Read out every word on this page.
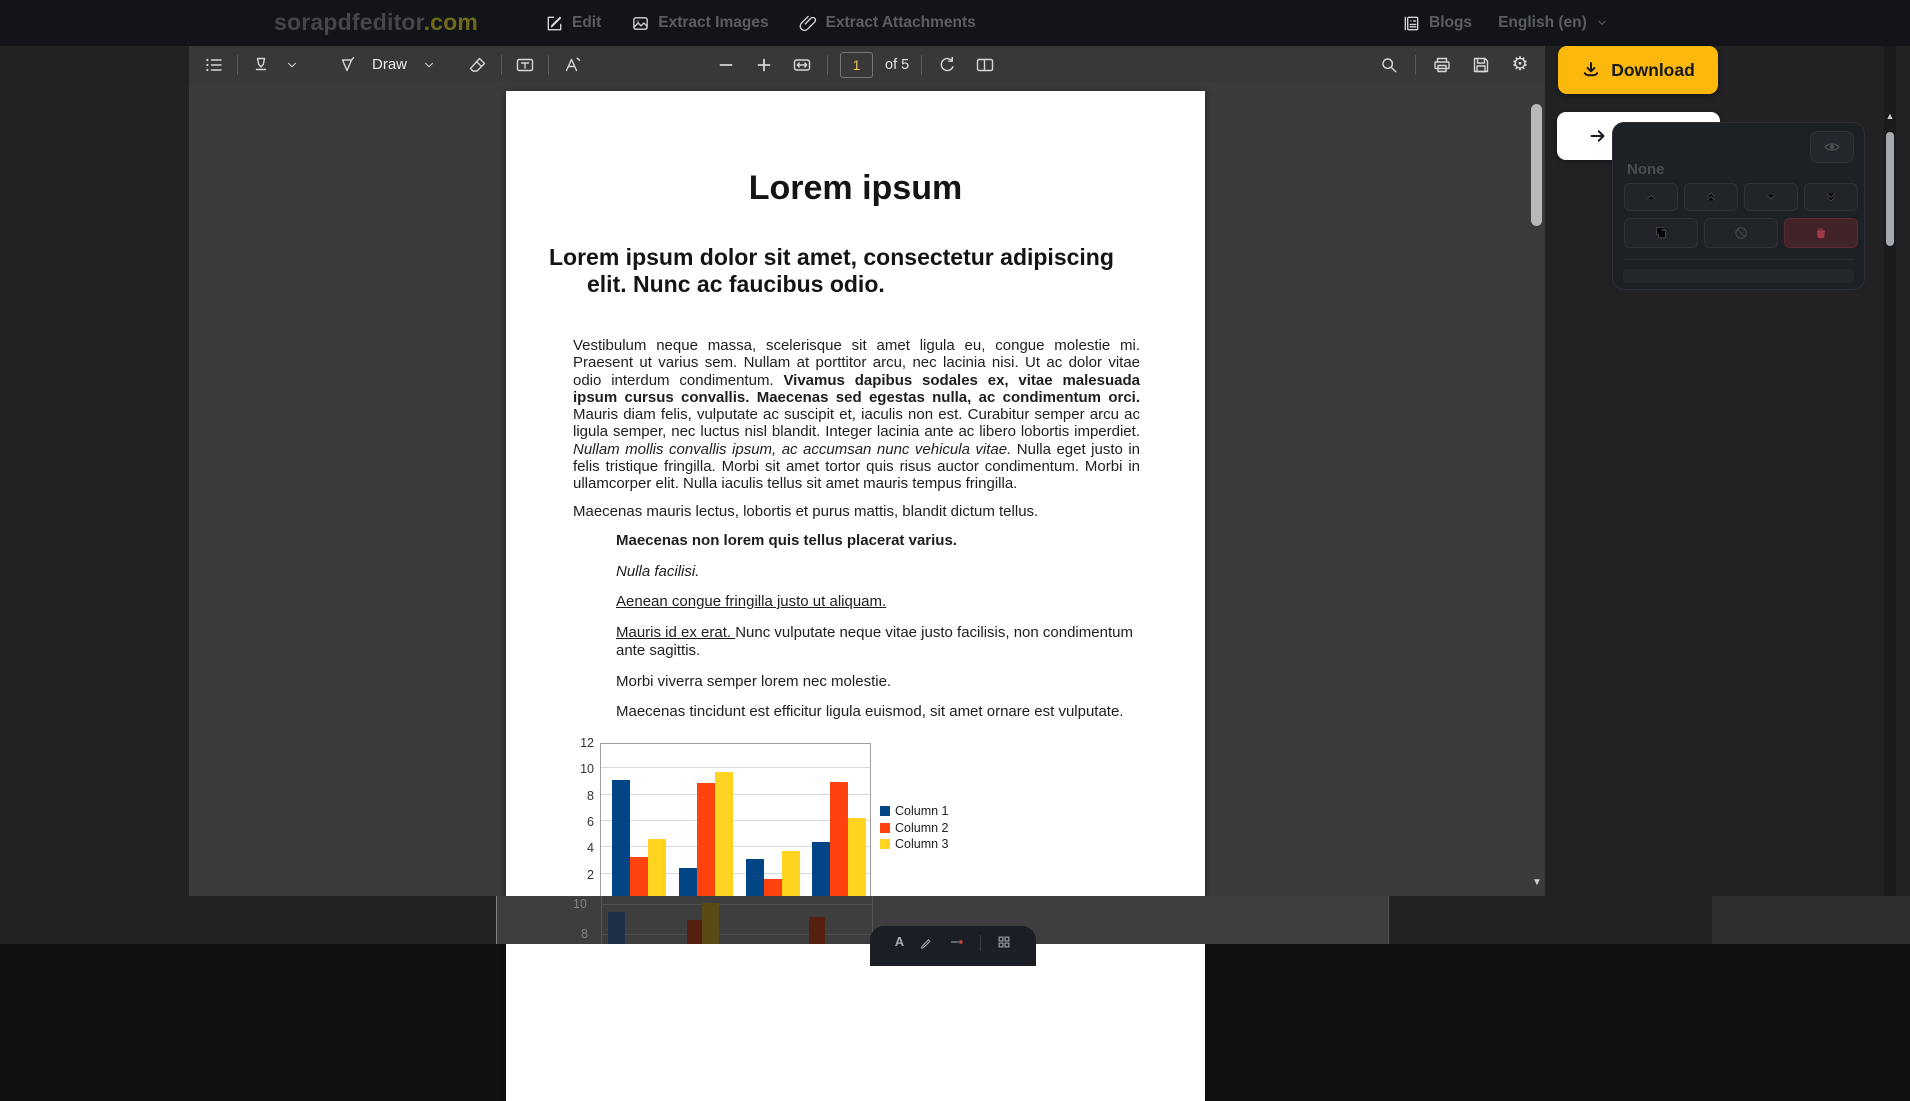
sorapdfeditor.com	Edit	Extract Images	Extract Attachments	Blogs English (en)
Draw
1	of 5	⚙
Lorem ipsum
Lorem ipsum dolor sit amet, consectetur adipiscing elit. Nunc ac faucibus odio.
Vestibulum neque massa, scelerisque sit amet ligula eu, congue molestie mi. Praesent ut varius sem. Nullam at porttitor arcu, nec lacinia nisi. Ut ac dolor vitae odio interdum condimentum. Vivamus dapibus sodales ex, vitae malesuada ipsum cursus convallis. Maecenas sed egestas nulla, ac condimentum orci. Mauris diam felis, vulputate ac suscipit et, iaculis non est. Curabitur semper arcu ac ligula semper, nec luctus nisl blandit. Integer lacinia ante ac libero lobortis imperdiet. Nullam mollis convallis ipsum, ac accumsan nunc vehicula vitae. Nulla eget justo in felis tristique fringilla. Morbi sit amet tortor quis risus auctor condimentum. Morbi in ullamcorper elit. Nulla iaculis tellus sit amet mauris tempus fringilla.
Maecenas mauris lectus, lobortis et purus mattis, blandit dictum tellus.
Maecenas non lorem quis tellus placerat varius.
Nulla facilisi.
Aenean congue fringilla justo ut aliquam.
Mauris id ex erat. Nunc vulputate neque vitae justo facilisis, non condimentum ante sagittis.
Morbi viverra semper lorem nec molestie.
Maecenas tincidunt est efficitur ligula euismod, sit amet ornare est vulputate.
2
4
6
8
10
12
Column 1
Column 2
Column 3
▼
Download
None
▲
10
8	A
